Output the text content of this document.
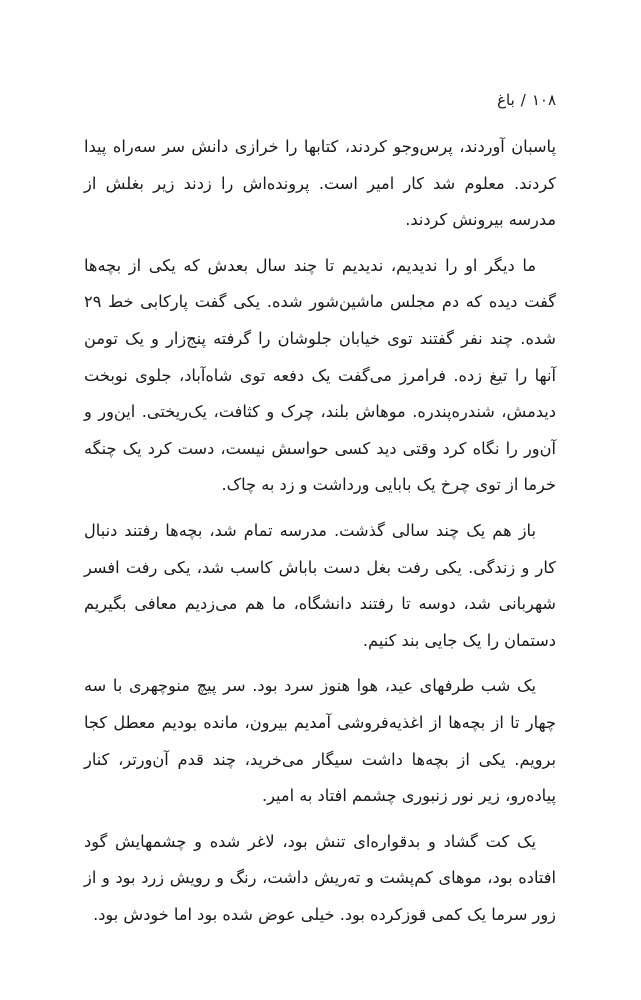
۱۰۸/باغ

پاسبان آوردند، پرس‌وجو کردند، کتابها را خرازی دانش سر سه‌راه پیدا کردند. معلوم شد کار امیر است. پرونده‌اش را زدند زیر بغلش از مدرسه بیرونش کردند.

ما دیگر او را ندیدیم، ندیدیم تا چند سال بعد‌ش که یکی از بچه‌ها گفت دیده که دم مجلس ماشین‌شور شده. یکی گفت پارکابی خط ۲۹ شده. چند نفر گفتند توی خیابان جلوشان را گرفته پنج‌زار و یک تومن آنها را تیغ زده. فرامرز می‌گفت یک دفعه توی شاه‌آباد، جلوی نوبخت دیدمش، شندره‌پندره. موهاش بلند، چرک و کثافت، یک‌ریختی. این‌ور و آن‌ور را نگاه کرد وقتی دید کسی حواسش نیست، دست کرد یک چنگه خرما از توی چرخ یک بابایی ورداشت و زد به چاک.

باز هم یک چند سالی گذشت. مدرسه تمام شد، بچه‌ها رفتند دنبال کار و زندگی. یکی رفت بغل دست باباش کاسب شد، یکی رفت افسر شهربانی شد، دوسه تا رفتند دانشگاه، ما هم می‌زدیم معافی بگیریم دستمان را یک جایی بند کنیم.

یک شب طرفهای عید، هوا هنوز سرد بود. سر پیچ منوچهری با سه چهار تا از بچه‌ها از اغذیه‌فروشی آمدیم بیرون، مانده بودیم معطل کجا برویم. یکی از بچه‌ها داشت سیگار می‌خرید، چند قدم آن‌ورتر، کنار پیاده‌رو، زیر نور زنبوری چشمم افتاد به امیر.

یک کت گشاد و بدقواره‌ای تنش بود، لاغر شده و چشمهایش گود افتاده بود، موهای کم‌پشت و ته‌ریش داشت، رنگ و رویش زرد بود و از زور سرما یک کمی قوزکرده بود. خیلی عوض شده بود اما خودش بود.
